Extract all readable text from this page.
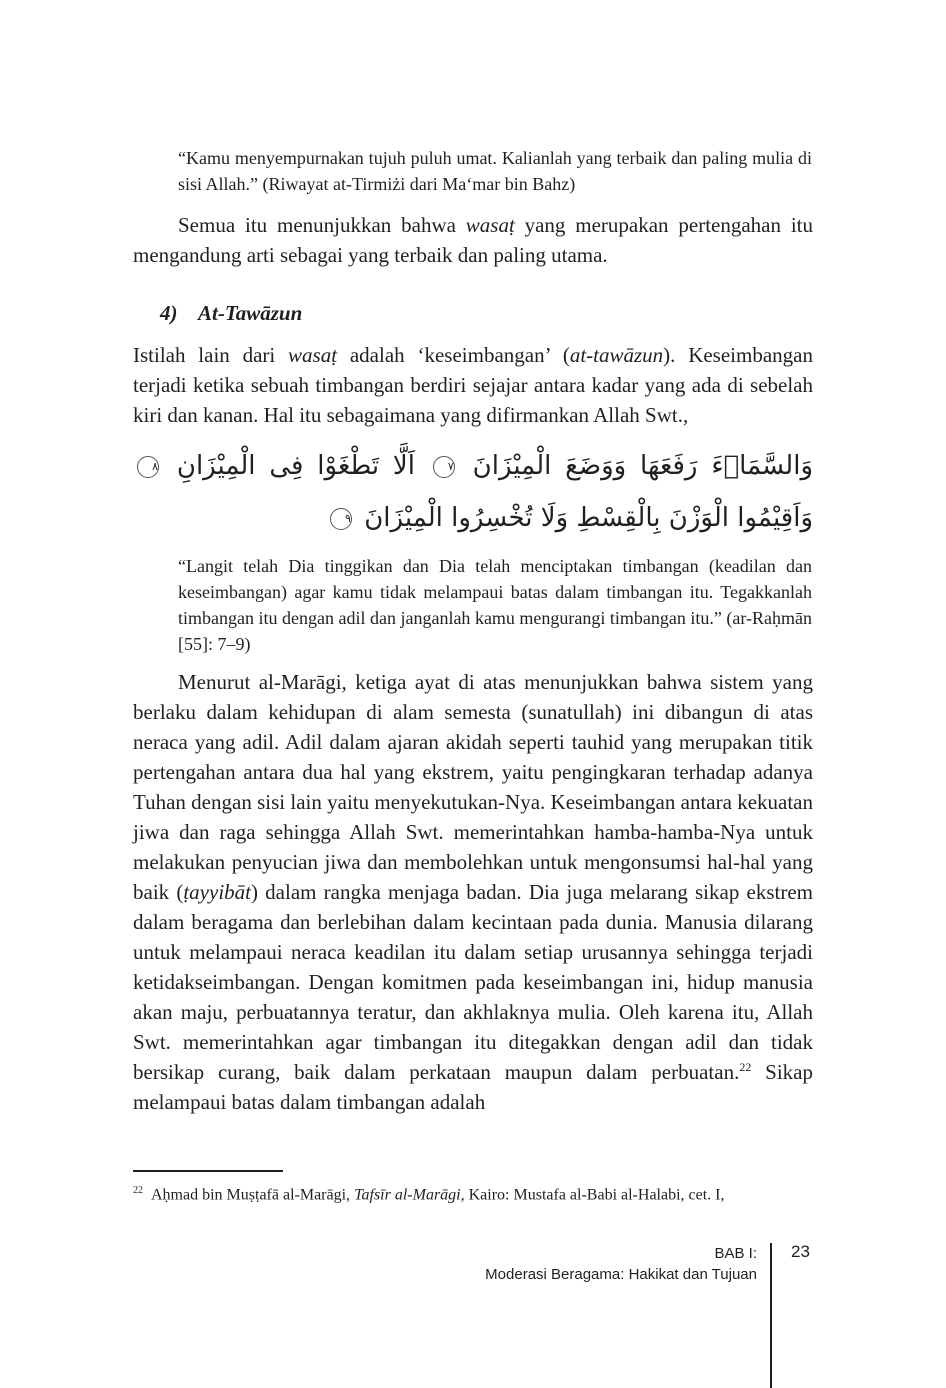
“Kamu menyempurnakan tujuh puluh umat. Kalianlah yang terbaik dan paling mulia di sisi Allah.” (Riwayat at-Tirmiżi dari Ma‘mar bin Bahz)

Semua itu menunjukkan bahwa wasaṭ yang merupakan pertengahan itu mengandung arti sebagai yang terbaik dan paling utama.

4) At-Tawāzun

Istilah lain dari wasaṭ adalah ‘keseimbangan’ (at-tawāzun). Keseimbangan terjadi ketika sebuah timbangan berdiri sejajar antara kadar yang ada di sebelah kiri dan kanan. Hal itu sebagaimana yang difirmankan Allah Swt.,

وَالسَّمَاۤءَ رَفَعَهَا وَوَضَعَ الْمِيْزَانَ ٧ اَلَّا تَطْغَوْا فِى الْمِيْزَانِ ٨ وَاَقِيْمُوا الْوَزْنَ بِالْقِسْطِ وَلَا تُخْسِرُوا الْمِيْزَانَ ٩

“Langit telah Dia tinggikan dan Dia telah menciptakan timbangan (keadilan dan keseimbangan) agar kamu tidak melampaui batas dalam timbangan itu. Tegakkanlah timbangan itu dengan adil dan janganlah kamu mengurangi timbangan itu.” (ar-Raḥmān [55]: 7–9)

Menurut al-Marāgi, ketiga ayat di atas menunjukkan bahwa sistem yang berlaku dalam kehidupan di alam semesta (sunatullah) ini dibangun di atas neraca yang adil. Adil dalam ajaran akidah seperti tauhid yang merupakan titik pertengahan antara dua hal yang ekstrem, yaitu pengingkaran terhadap adanya Tuhan dengan sisi lain yaitu menyekutukan-Nya. Keseimbangan antara kekuatan jiwa dan raga sehingga Allah Swt. memerintahkan hamba-hamba-Nya untuk melakukan penyucian jiwa dan membolehkan untuk mengonsumsi hal-hal yang baik (ṭayyibāt) dalam rangka menjaga badan. Dia juga melarang sikap ekstrem dalam beragama dan berlebihan dalam kecintaan pada dunia. Manusia dilarang untuk melampaui neraca keadilan itu dalam setiap urusannya sehingga terjadi ketidakseimbangan. Dengan komitmen pada keseimbangan ini, hidup manusia akan maju, perbuatannya teratur, dan akhlaknya mulia. Oleh karena itu, Allah Swt. memerintahkan agar timbangan itu ditegakkan dengan adil dan tidak bersikap curang, baik dalam perkataan maupun dalam perbuatan.$^{22}$ Sikap melampaui batas dalam timbangan adalah

$^{22}$ Aḥmad bin Muṣṭafā al-Marāgi, Tafsīr al-Marāgi, Kairo: Mustafa al-Babi al-Halabi, cet. I,

BAB I:
Moderasi Beragama: Hakikat dan Tujuan
23
